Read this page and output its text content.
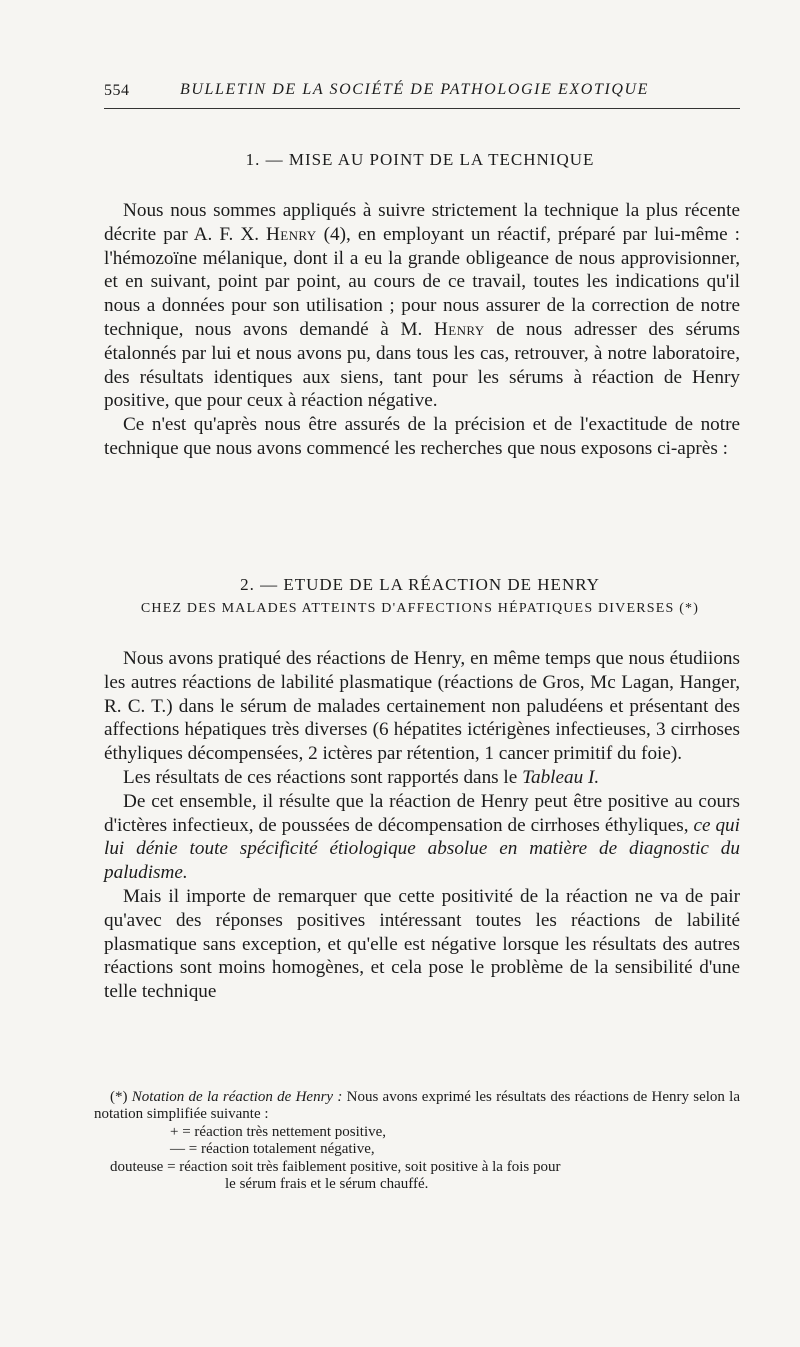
554	BULLETIN DE LA SOCIÉTÉ DE PATHOLOGIE EXOTIQUE
1. — MISE AU POINT DE LA TECHNIQUE

Nous nous sommes appliqués à suivre strictement la technique la plus récente décrite par A. F. X. Henry (4), en employant un réactif, préparé par lui-même : l'hémozoïne mélanique, dont il a eu la grande obligeance de nous approvisionner, et en suivant, point par point, au cours de ce travail, toutes les indications qu'il nous a données pour son utilisation ; pour nous assurer de la correction de notre technique, nous avons demandé à M. Henry de nous adresser des sérums étalonnés par lui et nous avons pu, dans tous les cas, retrouver, à notre laboratoire, des résultats identiques aux siens, tant pour les sérums à réaction de Henry positive, que pour ceux à réaction négative.

Ce n'est qu'après nous être assurés de la précision et de l'exactitude de notre technique que nous avons commencé les recherches que nous exposons ci-après :

2. — ETUDE DE LA RÉACTION DE HENRY
CHEZ DES MALADES ATTEINTS D'AFFECTIONS HÉPATIQUES DIVERSES (*)

Nous avons pratiqué des réactions de Henry, en même temps que nous étudiions les autres réactions de labilité plasmatique (réactions de Gros, Mc Lagan, Hanger, R. C. T.) dans le sérum de malades certainement non paludéens et présentant des affections hépatiques très diverses (6 hépatites ictérigènes infectieuses, 3 cirrhoses éthyliques décompensées, 2 ictères par rétention, 1 cancer primitif du foie).

Les résultats de ces réactions sont rapportés dans le Tableau I.

De cet ensemble, il résulte que la réaction de Henry peut être positive au cours d'ictères infectieux, de poussées de décompensation de cirrhoses éthyliques, ce qui lui dénie toute spécificité étiologique absolue en matière de diagnostic du paludisme.

Mais il importe de remarquer que cette positivité de la réaction ne va de pair qu'avec des réponses positives intéressant toutes les réactions de labilité plasmatique sans exception, et qu'elle est négative lorsque les résultats des autres réactions sont moins homogènes, et cela pose le problème de la sensibilité d'une telle technique

(*) Notation de la réaction de Henry : Nous avons exprimé les résultats des réactions de Henry selon la notation simplifiée suivante :

+ = réaction très nettement positive,

— = réaction totalement négative,

douteuse = réaction soit très faiblement positive, soit positive à la fois pour

le sérum frais et le sérum chauffé.
